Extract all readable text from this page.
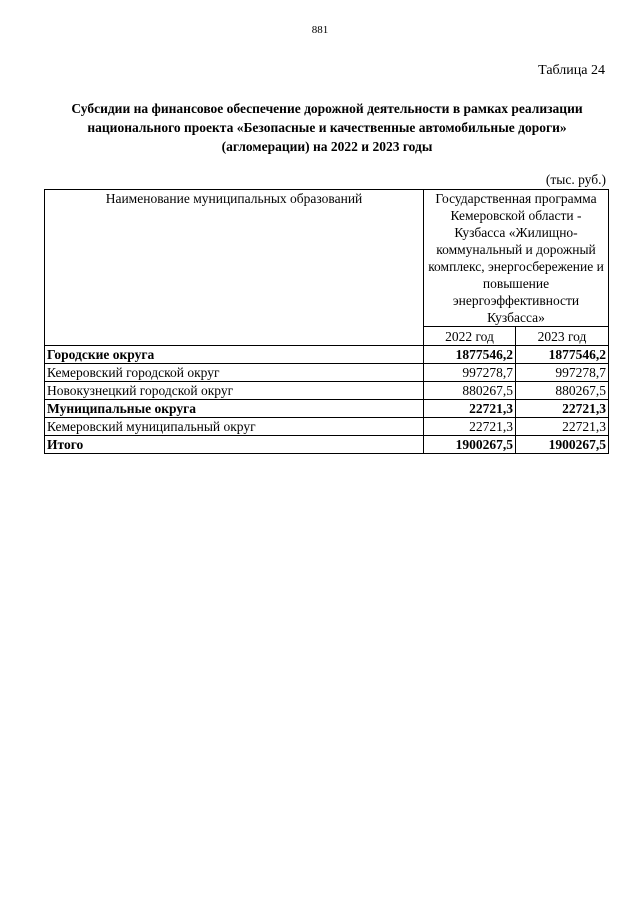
881
Таблица 24
Субсидии на финансовое обеспечение дорожной деятельности в рамках реализации
национального проекта «Безопасные и качественные автомобильные дороги»
(агломерации) на 2022 и 2023 годы
(тыс. руб.)
Наименование муниципальных образований	Государственная программа Кемеровской области - Кузбасса «Жилищно-коммунальный и дорожный комплекс, энергосбережение и повышение энергоэффективности Кузбасса»	
	2022 год	2023 год
Городские округа	1877546,2	1877546,2
Кемеровский городской округ	997278,7	997278,7
Новокузнецкий городской округ	880267,5	880267,5
Муниципальные округа	22721,3	22721,3
Кемеровский муниципальный округ	22721,3	22721,3
Итого	1900267,5	1900267,5
